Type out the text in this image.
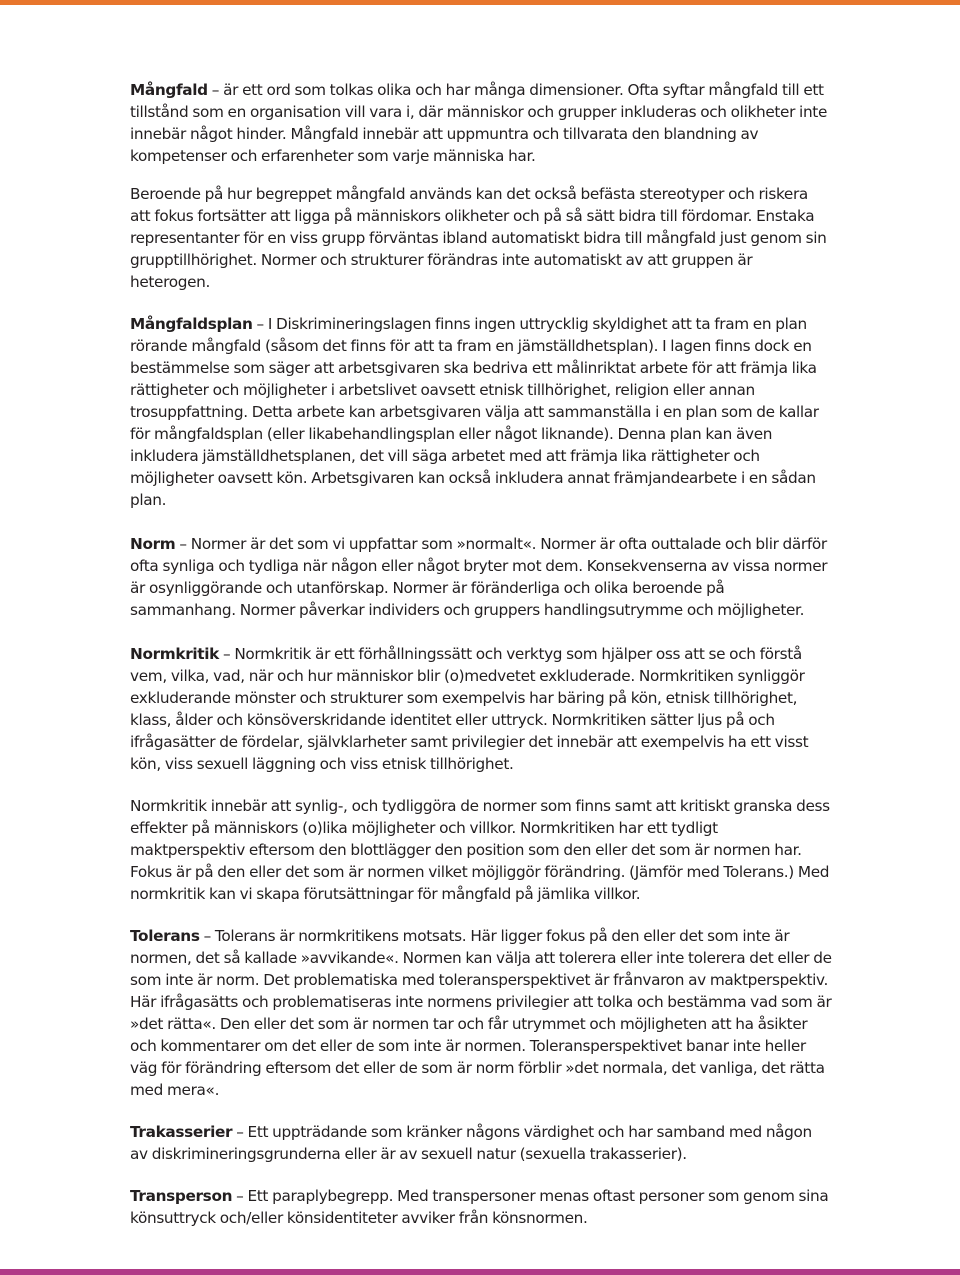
Mångfald – är ett ord som tolkas olika och har många dimensioner. Ofta syftar mångfald till ett tillstånd som en organisation vill vara i, där människor och grupper inkluderas och olikheter inte innebär något hinder. Mångfald innebär att uppmuntra och tillvarata den blandning av kompetenser och erfarenheter som varje människa har.

Beroende på hur begreppet mångfald används kan det också befästa stereotyper och riskera att fokus fortsätter att ligga på människors olikheter och på så sätt bidra till fördomar. Enstaka representanter för en viss grupp förväntas ibland automatiskt bidra till mångfald just genom sin grupptillhörighet. Normer och strukturer förändras inte automatiskt av att gruppen är heterogen.

Mångfaldsplan – I Diskrimineringslagen finns ingen uttrycklig skyldighet att ta fram en plan rörande mångfald (såsom det finns för att ta fram en jämställdhetsplan). I lagen finns dock en bestämmelse som säger att arbetsgivaren ska bedriva ett målinriktat arbete för att främja lika rättigheter och möjligheter i arbetslivet oavsett etnisk tillhörighet, religion eller annan trosuppfattning. Detta arbete kan arbetsgivaren välja att sammanställa i en plan som de kallar för mångfaldsplan (eller likabehandlingsplan eller något liknande). Denna plan kan även inkludera jämställdhetsplanen, det vill säga arbetet med att främja lika rättigheter och möjligheter oavsett kön. Arbetsgivaren kan också inkludera annat främjandearbete i en sådan plan.

Norm – Normer är det som vi uppfattar som »normalt«. Normer är ofta outtalade och blir därför ofta synliga och tydliga när någon eller något bryter mot dem. Konsekvenserna av vissa normer är osynliggörande och utanförskap. Normer är föränderliga och olika beroende på sammanhang. Normer påverkar individers och gruppers handlingsutrymme och möjligheter.

Normkritik – Normkritik är ett förhållningssätt och verktyg som hjälper oss att se och förstå vem, vilka, vad, när och hur människor blir (o)medvetet exkluderade. Normkritiken synliggör exkluderande mönster och strukturer som exempelvis har bäring på kön, etnisk tillhörighet, klass, ålder och könsöverskridande identitet eller uttryck. Normkritiken sätter ljus på och ifrågasätter de fördelar, självklarheter samt privilegier det innebär att exempelvis ha ett visst kön, viss sexuell läggning och viss etnisk tillhörighet.

Normkritik innebär att synlig-, och tydliggöra de normer som finns samt att kritiskt granska dess effekter på människors (o)lika möjligheter och villkor. Normkritiken har ett tydligt maktperspektiv eftersom den blottlägger den position som den eller det som är normen har. Fokus är på den eller det som är normen vilket möjliggör förändring. (Jämför med Tolerans.) Med normkritik kan vi skapa förutsättningar för mångfald på jämlika villkor.

Tolerans – Tolerans är normkritikens motsats. Här ligger fokus på den eller det som inte är normen, det så kallade »avvikande«. Normen kan välja att tolerera eller inte tolerera det eller de som inte är norm. Det problematiska med toleransperspektivet är frånvaron av maktperspektiv. Här ifrågasätts och problematiseras inte normens privilegier att tolka och bestämma vad som är »det rätta«. Den eller det som är normen tar och får utrymmet och möjligheten att ha åsikter och kommentarer om det eller de som inte är normen. Toleransperspektivet banar inte heller väg för förändring eftersom det eller de som är norm förblir »det normala, det vanliga, det rätta med mera«.

Trakasserier – Ett uppträdande som kränker någons värdighet och har samband med någon av diskrimineringsgrunderna eller är av sexuell natur (sexuella trakasserier).

Transperson – Ett paraplybegrepp. Med transpersoner menas oftast personer som genom sina könsuttryck och/eller könsidentiteter avviker från könsnormen.
